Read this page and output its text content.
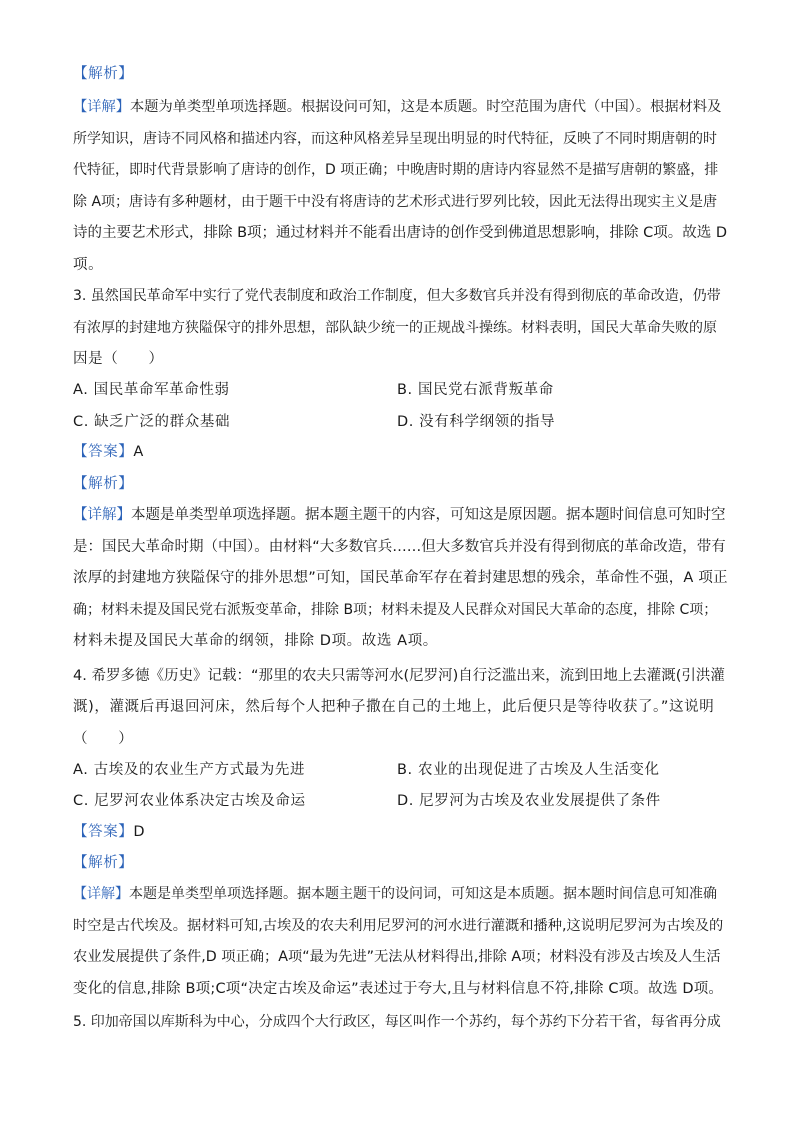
【解析】
【详解】本题为单类型单项选择题。根据设问可知，这是本质题。时空范围为唐代（中国）。根据材料及
所学知识，唐诗不同风格和描述内容，而这种风格差异呈现出明显的时代特征，反映了不同时期唐朝的时
代特征，即时代背景影响了唐诗的创作，D 项正确；中晚唐时期的唐诗内容显然不是描写唐朝的繁盛，排
除 A项；唐诗有多种题材，由于题干中没有将唐诗的艺术形式进行罗列比较，因此无法得出现实主义是唐
诗的主要艺术形式，排除 B项；通过材料并不能看出唐诗的创作受到佛道思想影响，排除 C项。故选 D
项。
3. 虽然国民革命军中实行了党代表制度和政治工作制度，但大多数官兵并没有得到彻底的革命改造，仍带
有浓厚的封建地方狭隘保守的排外思想，部队缺少统一的正规战斗操练。材料表明，国民大革命失败的原
因是（　　）
A. 国民革命军革命性弱	B. 国民党右派背叛革命
C. 缺乏广泛的群众基础	D. 没有科学纲领的指导
【答案】A
【解析】
【详解】本题是单类型单项选择题。据本题主题干的内容，可知这是原因题。据本题时间信息可知时空
是：国民大革命时期（中国）。由材料“大多数官兵……但大多数官兵并没有得到彻底的革命改造，带有
浓厚的封建地方狭隘保守的排外思想”可知，国民革命军存在着封建思想的残余，革命性不强，A 项正
确；材料未提及国民党右派叛变革命，排除 B项；材料未提及人民群众对国民大革命的态度，排除 C项；
材料未提及国民大革命的纲领，排除 D项。故选 A项。
4. 希罗多德《历史》记载：“那里的农夫只需等河水(尼罗河)自行泛滥出来，流到田地上去灌溉(引洪灌
溉)，灌溉后再退回河床，然后每个人把种子撒在自己的土地上，此后便只是等待收获了。”这说明
（　　）
A. 古埃及的农业生产方式最为先进	B. 农业的出现促进了古埃及人生活变化
C. 尼罗河农业体系决定古埃及命运	D. 尼罗河为古埃及农业发展提供了条件
【答案】D
【解析】
【详解】本题是单类型单项选择题。据本题主题干的设问词，可知这是本质题。据本题时间信息可知准确
时空是古代埃及。据材料可知,古埃及的农夫利用尼罗河的河水进行灌溉和播种,这说明尼罗河为古埃及的
农业发展提供了条件,D 项正确；A项“最为先进”无法从材料得出,排除 A项；材料没有涉及古埃及人生活
变化的信息,排除 B项;C项“决定古埃及命运”表述过于夸大,且与材料信息不符,排除 C项。故选 D项。
5. 印加帝国以库斯科为中心，分成四个大行政区，每区叫作一个苏约，每个苏约下分若干省，每省再分成
